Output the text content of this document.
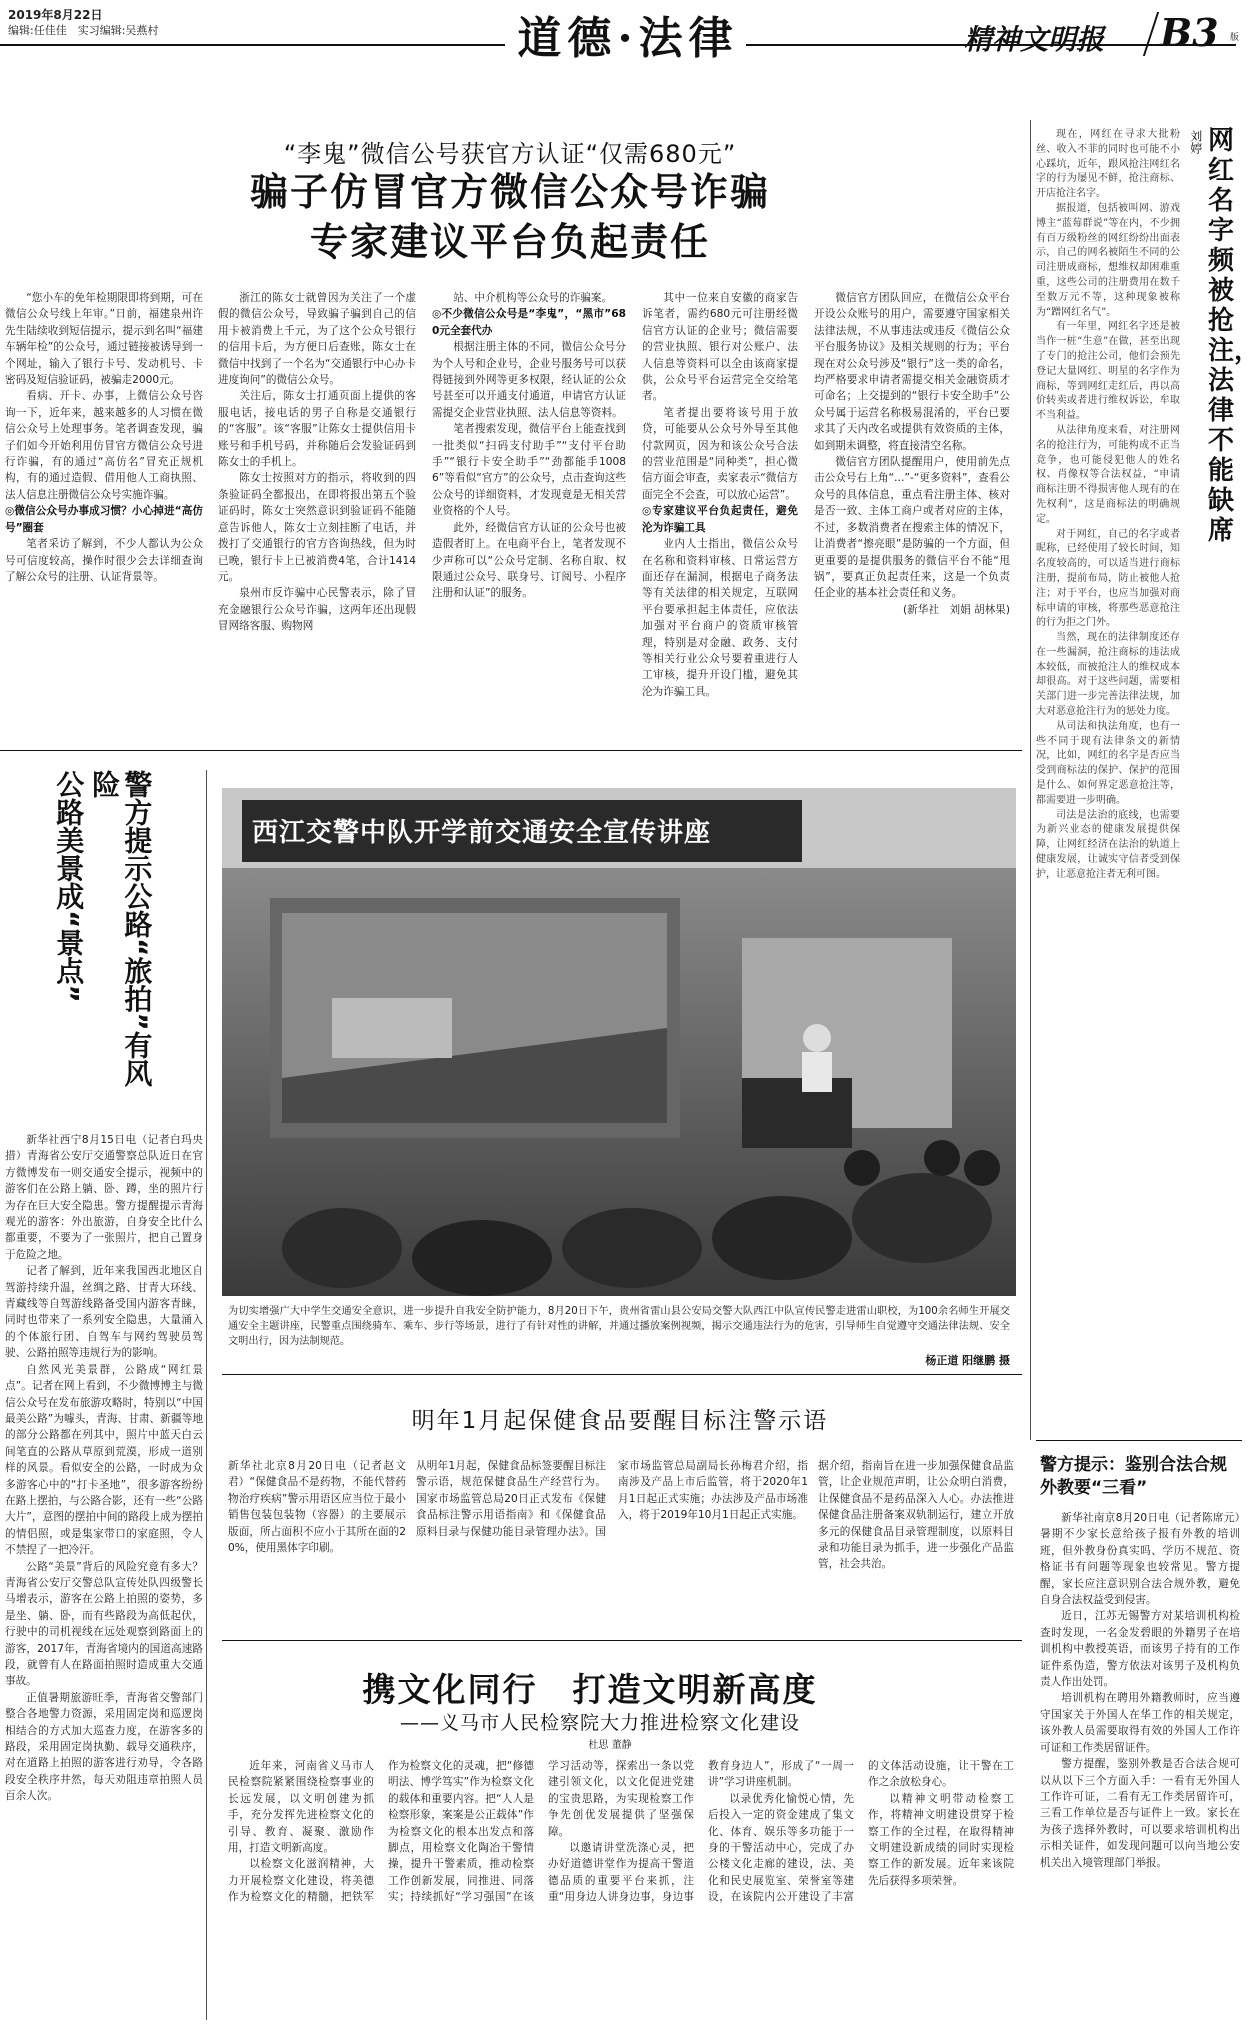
2019年8月22日
编辑:任佳佳　实习编辑:吴燕村	道德·法律	精神文明报 B3 版
“李鬼”微信公号获官方认证“仅需680元”
骗子仿冒官方微信公众号诈骗
专家建议平台负起责任

“您小车的免年检期限即将到期，可在微信公众号线上年审。”日前，福建泉州许先生陆续收到短信提示，提示到名叫“福建车辆年检”的公众号，通过链接被诱导到一个网址，输入了银行卡号、发动机号、卡密码及短信验证码，被骗走2000元。

看病、开卡、办事，上微信公众号咨询一下，近年来，越来越多的人习惯在微信公众号上处理事务。笔者调查发现，骗子们如今开始利用仿冒官方微信公众号进行诈骗，有的通过“高仿名”冒充正规机构，有的通过造假、借用他人工商执照、法人信息注册微信公众号实施诈骗。

◎微信公众号办事成习惯？小心掉进“高仿号”圈套

笔者采访了解到，不少人都认为公众号可信度较高，操作时很少会去详细查询了解公众号的注册、认证背景等。

浙江的陈女士就曾因为关注了一个虚假的微信公众号，导致骗子骗到自己的信用卡被消费上千元，为了这个公众号银行的信用卡后，为方便日后查账，陈女士在微信中找到了一个名为“交通银行中心办卡进度询问”的微信公众号。

关注后，陈女士打通页面上提供的客服电话，接电话的男子自称是交通银行的“客服”。该“客服”让陈女士提供信用卡账号和手机号码，并称随后会发验证码到陈女士的手机上。

陈女士按照对方的指示，将收到的四条验证码全都报出，在即将报出第五个验证码时，陈女士突然意识到验证码不能随意告诉他人，陈女士立刻挂断了电话，并拨打了交通银行的官方咨询热线，但为时已晚，银行卡上已被消费4笔，合计1414元。

泉州市反诈骗中心民警表示，除了冒充金融银行公众号诈骗，这两年还出现假冒网络客服、购物网

站、中介机构等公众号的诈骗案。

◎不少微信公众号是“李鬼”，“黑市”680元全套代办

根据注册主体的不同，微信公众号分为个人号和企业号，企业号服务号可以获得链接到外网等更多权限，经认证的公众号甚至可以开通支付通道，申请官方认证需提交企业营业执照、法人信息等资料。

笔者搜索发现，微信平台上能查找到一批类似“扫码支付助手”“支付平台助手”“银行卡安全助手”“劲都能手10086”等看似“官方”的公众号，点击查询这些公众号的详细资料，才发现竟是无相关营业资格的个人号。

此外，经微信官方认证的公众号也被造假者盯上。在电商平台上，笔者发现不少声称可以“公众号定制、名称自取、权限通过公众号、联身号、订阅号、小程序注册和认证”的服务。

其中一位来自安徽的商家告诉笔者，需约680元可注册经微信官方认证的企业号；微信需要的营业执照、银行对公账户、法人信息等资料可以全由该商家提供，公众号平台运营完全交给笔者。

笔者提出要将该号用于放贷，可能要从公众号外导至其他付款网页，因为和该公众号合法的营业范围是“同种类”，担心微信方面会审查，卖家表示“微信方面完全不会查，可以放心运营”。

◎专家建议平台负起责任，避免沦为诈骗工具

业内人士指出，微信公众号在名称和资料审核、日常运营方面还存在漏洞，根据电子商务法等有关法律的相关规定，互联网平台要承担起主体责任，应依法加强对平台商户的资质审核管理，特别是对金融、政务、支付等相关行业公众号要着重进行人工审核，提升开设门槛，避免其沦为诈骗工具。

微信官方团队回应，在微信公众平台开设公众账号的用户，需要遵守国家相关法律法规，不从事违法或违反《微信公众平台服务协议》及相关规则的行为；平台现在对公众号涉及“银行”这一类的命名，均严格要求申请者需提交相关金融资质才可命名；上交提到的“银行卡安全助手”公众号属于运营名称极易混淆的，平台已要求其了天内改名或提供有效资质的主体，如到期未调整，将直接清空名称。

微信官方团队提醒用户，使用前先点击公众号右上角“…”-“更多资料”，查看公众号的具体信息，重点看注册主体、核对是否一致、主体工商户或者对应的主体，不过，多数消费者在搜索主体的情况下，让消费者“擦亮眼”是防骗的一个方面，但更重要的是提供服务的微信平台不能“甩锅”，要真正负起责任来，这是一个负责任企业的基本社会责任和义务。

(新华社　刘娟 胡林果)

警方提示公路“旅拍”有风险
公路美景成“景点”

新华社西宁8月15日电（记者白玛央措）青海省公安厅交通警察总队近日在官方微博发布一则交通安全提示，视频中的游客们在公路上躺、卧、蹲，坐的照片行为存在巨大安全隐患。警方提醒提示青海观光的游客：外出旅游，自身安全比什么都重要，不要为了一张照片，把自己置身于危险之地。

记者了解到，近年来我国西北地区自驾游持续升温，丝绸之路、甘青大环线、青藏线等自驾游线路备受国内游客青睐，同时也带来了一系列安全隐患，大量涌入的个体旅行团、自驾车与网约驾驶员驾驶、公路拍照等违规行为的影响。

自然风光美景群，公路成“网红景点”。记者在网上看到，不少微博博主与微信公众号在发布旅游攻略时，特别以“中国最美公路”为噱头，青海、甘肃、新疆等地的部分公路都在列其中，照片中蓝天白云间笔直的公路从草原到荒漠，形成一道别样的风景。看似安全的公路，一时成为众多游客心中的“打卡圣地”，很多游客纷纷在路上摆拍，与公路合影，还有一些“公路大片”，意图的摆拍中间的路段上成为摆拍的情侣照，或是集家带口的家庭照，令人不禁捏了一把冷汗。

公路“美景”背后的风险究竟有多大？青海省公安厅交警总队宣传处队四级警长马增表示，游客在公路上拍照的姿势，多是坐、躺、卧，而有些路段为高低起伏，行驶中的司机视线在远处观察到路面上的游客，2017年，青海省境内的国道高速路段，就曾有人在路面拍照时造成重大交通事故。

正值暑期旅游旺季，青海省交警部门整合各地警力资源，采用固定岗和巡逻岗相结合的方式加大巡查力度，在游客多的路段，采用固定岗执勤、载导交通秩序，对在道路上拍照的游客进行劝导，令各路段安全秩序井然，每天劝阻违章拍照人员百余人次。

西江交警中队开学前交通安全宣传讲座
为切实增强广大中学生交通安全意识，进一步提升自我安全防护能力，8月20日下午，贵州省雷山县公安局交警大队西江中队宣传民警走进雷山职校，为100余名师生开展交通安全主题讲座，民警重点围绕骑车、乘车、步行等场景，进行了有针对性的讲解，并通过播放案例视频，揭示交通违法行为的危害，引导师生自觉遵守交通法律法规、安全文明出行，因为法制规范。
杨正道 阳继鹏 摄
明年1月起保健食品要醒目标注警示语
新华社北京8月20日电（记者赵文君）“保健食品不是药物，不能代替药物治疗疾病”警示用语区应当位于最小销售包装包装物（容器）的主要展示版面，所占面积不应小于其所在面的20%，使用黑体字印刷。
从明年1月起，保健食品标签要醒目标注警示语，规范保健食品生产经营行为。国家市场监管总局20日正式发布《保健食品标注警示用语指南》和《保健食品原料目录与保健功能目录管理办法》。国家市场监管总局副局长孙梅君介绍，指南涉及产品上市后监管，将于2020年1月1日起正式实施；办法涉及产品市场准入，将于2019年10月1日起正式实施。
据介绍，指南旨在进一步加强保健食品监管，让企业规范声明，让公众明白消费，让保健食品不是药品深入人心。办法推进保健食品注册备案双轨制运行，建立开放多元的保健食品目录管理制度，以原料目录和功能目录为抓手，进一步强化产品监管，社会共治。
携文化同行　打造文明新高度
——义马市人民检察院大力推进检察文化建设
杜思 董静

近年来，河南省义马市人民检察院紧紧围绕检察事业的长远发展，以文明创建为抓手，充分发挥先进检察文化的引导、教育、凝聚、激励作用，打造文明新高度。

以检察文化滋润精神，大力开展检察文化建设，将美德作为检察文化的精髓，把铁军作为检察文化的灵魂，把“修德明法、博学笃实”作为检察文化的载体和重要内容。把“人人是检察形象，案案是公正载体”作为检察文化的根本出发点和落脚点，用检察文化陶冶干警情操，提升干警素质，推动检察工作创新发展，同推进、同落实；持续抓好“学习强国”在该学习活动等，探索出一条以党建引领文化，以文化促进党建的宝贵思路，为实现检察工作争先创优发展提供了坚强保障。

以邀请讲堂洗涤心灵，把办好道德讲堂作为提高干警道德品质的重要平台来抓，注重“用身边人讲身边事，身边事教育身边人”，形成了“一周一讲”学习讲座机制。

以录优秀化愉悦心情，先后投入一定的资金建成了集文化、体育、娱乐等多功能于一身的干警活动中心，完成了办公楼文化走廊的建设，法、美化和民史展览室、荣誉室等建设，在该院内公开建设了丰富的文体活动设施，让干警在工作之余放松身心。

以精神文明带动检察工作，将精神文明建设贯穿于检察工作的全过程，在取得精神文明建设新成绩的同时实现检察工作的新发展。近年来该院先后获得多项荣誉。

网红名字频被抢注，法律不能缺席
刘婷

现在，网红在寻求大批粉丝、收入不菲的同时也可能不小心踩坑，近年，跟风抢注网红名字的行为屡见不鲜，抢注商标、开店抢注名字。

据报道，包括被叫网、游戏博主“蓝莓群说”等在内，不少拥有百万级粉丝的网红纷纷出面表示，自己的网名被陌生不同的公司注册成商标，想维权却困难重重，这些公司的注册费用在数千至数万元不等，这种现象被称为“蹭网红名气”。

有一年里，网红名字还是被当作一桩“生意”在做，甚至出现了专门的抢注公司，他们会预先登记大量网红、明星的名字作为商标，等到网红走红后，再以高价转卖或者进行维权诉讼，牟取不当利益。

从法律角度来看，对注册网名的抢注行为，可能构成不正当竞争，也可能侵犯他人的姓名权、肖像权等合法权益，“申请商标注册不得损害他人现有的在先权利”，这是商标法的明确规定。

对于网红，自己的名字或者昵称，已经使用了较长时间，知名度较高的，可以适当进行商标注册，提前布局，防止被他人抢注；对于平台，也应当加强对商标申请的审核，将那些恶意抢注的行为拒之门外。

当然，现在的法律制度还存在一些漏洞，抢注商标的违法成本较低，而被抢注人的维权成本却很高。对于这些问题，需要相关部门进一步完善法律法规，加大对恶意抢注行为的惩处力度。

从司法和执法角度，也有一些不同于现有法律条文的新情况，比如，网红的名字是否应当受到商标法的保护、保护的范围是什么、如何界定恶意抢注等，都需要进一步明确。

司法是法治的底线，也需要为新兴业态的健康发展提供保障，让网红经济在法治的轨道上健康发展，让诚实守信者受到保护，让恶意抢注者无利可图。

警方提示：鉴别合法合规外教要“三看”

新华社南京8月20日电（记者陈席元）暑期不少家长意给孩子报有外教的培训班，但外教身份真实吗、学历不规范、资格证书有问题等现象也较常见。警方提醒，家长应注意识别合法合规外教，避免自身合法权益受到侵害。

近日，江苏无锡警方对某培训机构检查时发现，一名金发碧眼的外籍男子在培训机构中教授英语，而该男子持有的工作证件系伪造，警方依法对该男子及机构负责人作出处罚。

培训机构在聘用外籍教师时，应当遵守国家关于外国人在华工作的相关规定，该外教人员需要取得有效的外国人工作许可证和工作类居留证件。

警方提醒，鉴别外教是否合法合规可以从以下三个方面入手：一看有无外国人工作许可证，二看有无工作类居留许可，三看工作单位是否与证件上一致。家长在为孩子选择外教时，可以要求培训机构出示相关证件，如发现问题可以向当地公安机关出入境管理部门举报。
